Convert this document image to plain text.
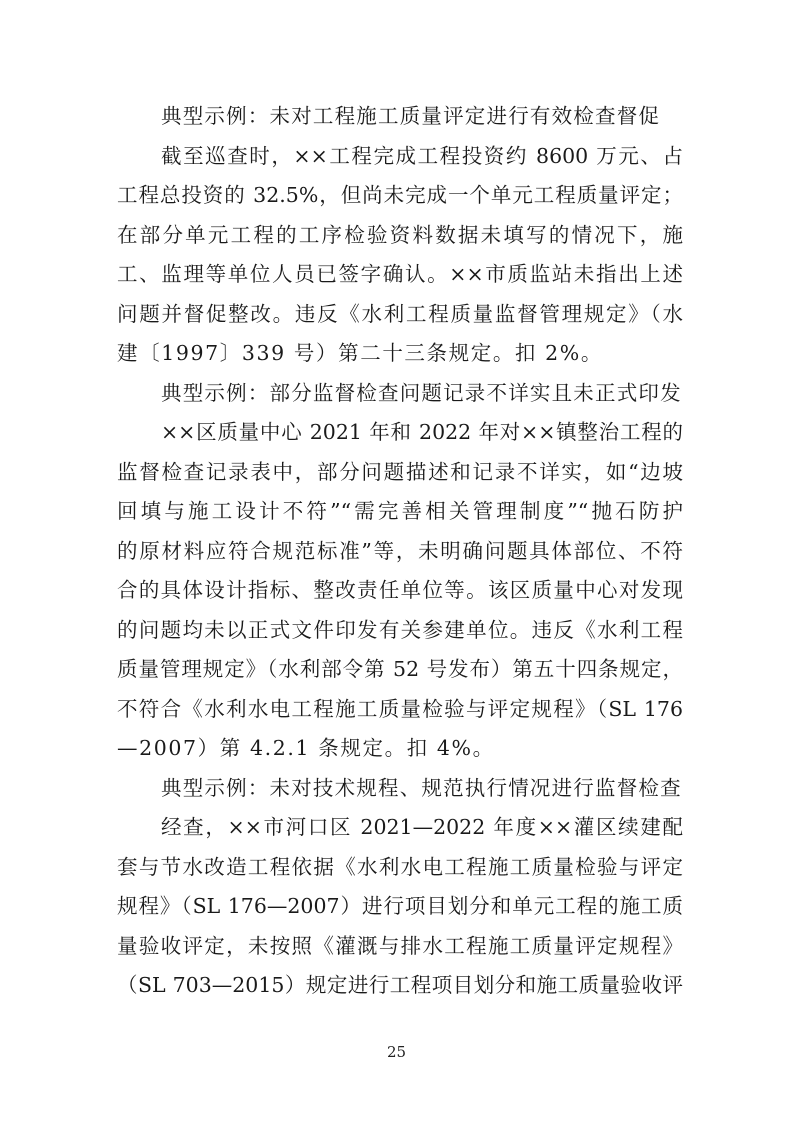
典型示例：未对工程施工质量评定进行有效检查督促
截至巡查时，××工程完成工程投资约 8600 万元、占
工程总投资的 32.5%，但尚未完成一个单元工程质量评定；
在部分单元工程的工序检验资料数据未填写的情况下，施
工、监理等单位人员已签字确认。××市质监站未指出上述
问题并督促整改。违反《水利工程质量监督管理规定》（水
建〔1997〕339 号）第二十三条规定。扣 2%。
典型示例：部分监督检查问题记录不详实且未正式印发
××区质量中心 2021 年和 2022 年对××镇整治工程的
监督检查记录表中，部分问题描述和记录不详实，如“边坡
回填与施工设计不符”“需完善相关管理制度”“抛石防护
的原材料应符合规范标准”等，未明确问题具体部位、不符
合的具体设计指标、整改责任单位等。该区质量中心对发现
的问题均未以正式文件印发有关参建单位。违反《水利工程
质量管理规定》（水利部令第 52 号发布）第五十四条规定，
不符合《水利水电工程施工质量检验与评定规程》（SL 176
—2007）第 4.2.1 条规定。扣 4%。
典型示例：未对技术规程、规范执行情况进行监督检查
经查，××市河口区 2021—2022 年度××灌区续建配
套与节水改造工程依据《水利水电工程施工质量检验与评定
规程》（SL 176—2007）进行项目划分和单元工程的施工质
量验收评定，未按照《灌溉与排水工程施工质量评定规程》
（SL 703—2015）规定进行工程项目划分和施工质量验收评
25
